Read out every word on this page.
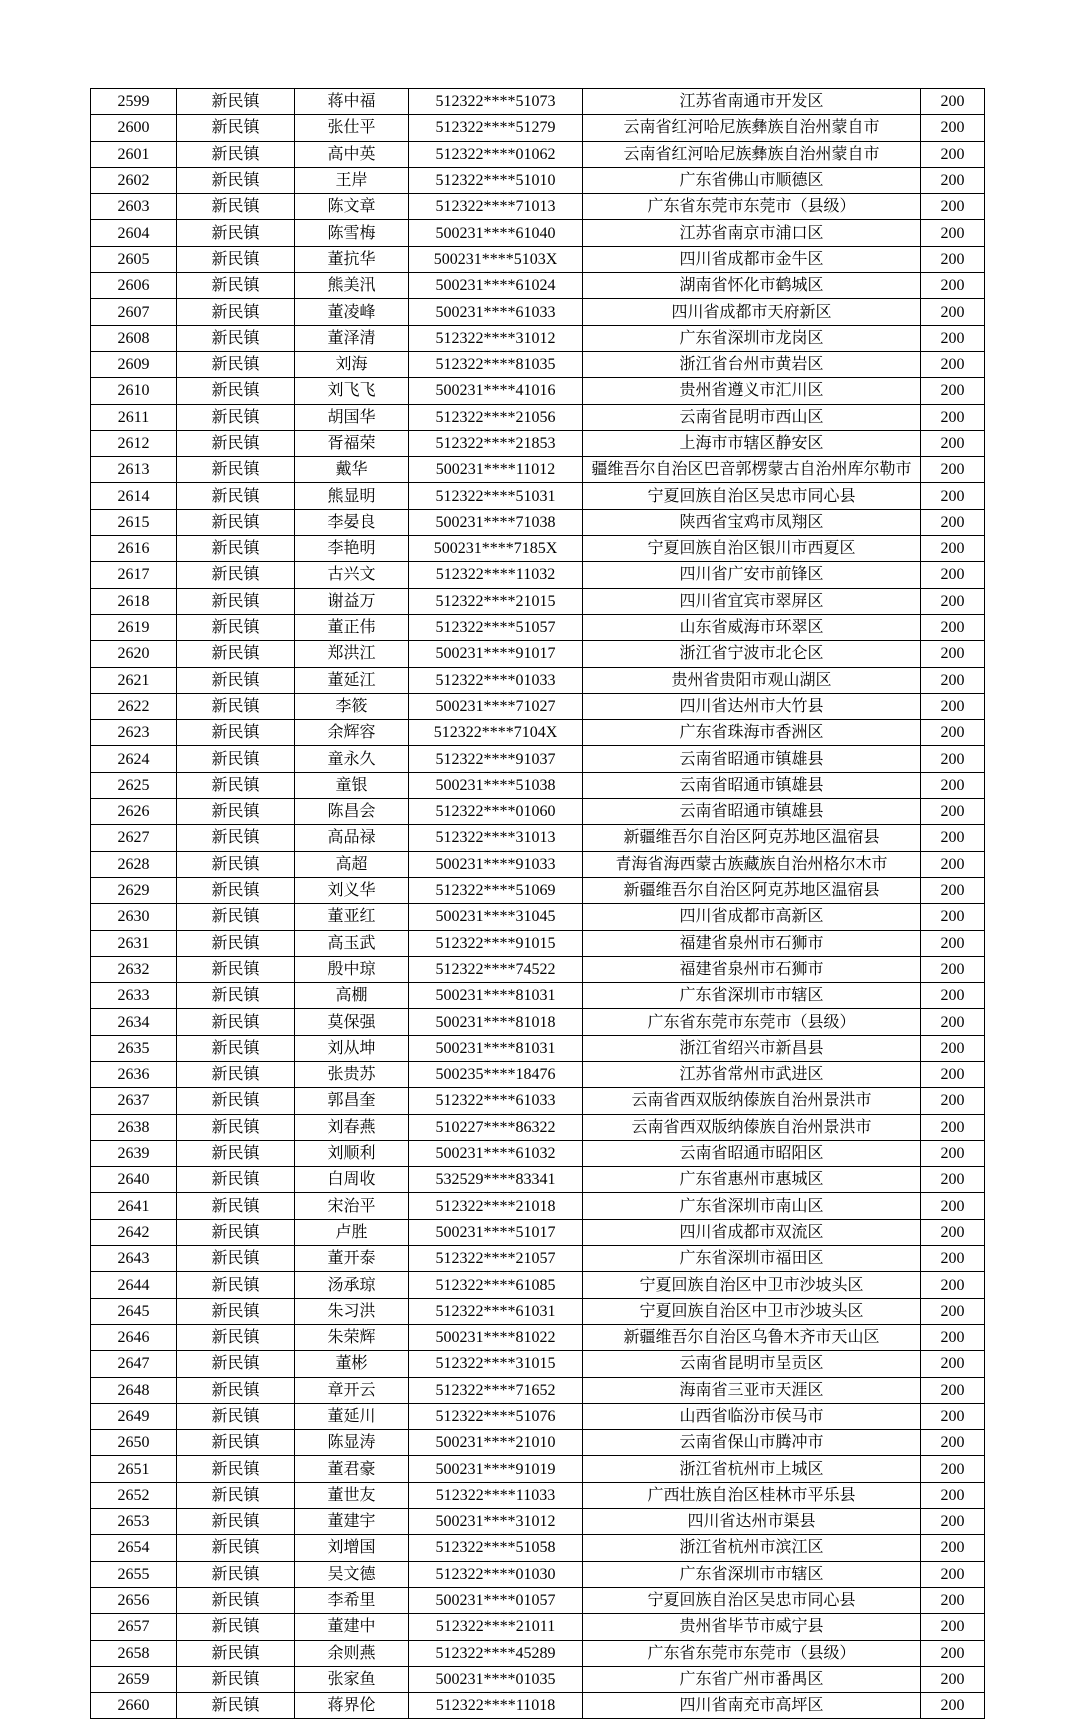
2599	新民镇	蒋中福	512322****51073	江苏省南通市开发区	200
2600	新民镇	张仕平	512322****51279	云南省红河哈尼族彝族自治州蒙自市	200
2601	新民镇	高中英	512322****01062	云南省红河哈尼族彝族自治州蒙自市	200
2602	新民镇	王岸	512322****51010	广东省佛山市顺德区	200
2603	新民镇	陈文章	512322****71013	广东省东莞市东莞市（县级）	200
2604	新民镇	陈雪梅	500231****61040	江苏省南京市浦口区	200
2605	新民镇	董抗华	500231****5103X	四川省成都市金牛区	200
2606	新民镇	熊美汛	500231****61024	湖南省怀化市鹤城区	200
2607	新民镇	董凌峰	500231****61033	四川省成都市天府新区	200
2608	新民镇	董泽清	512322****31012	广东省深圳市龙岗区	200
2609	新民镇	刘海	512322****81035	浙江省台州市黄岩区	200
2610	新民镇	刘飞飞	500231****41016	贵州省遵义市汇川区	200
2611	新民镇	胡国华	512322****21056	云南省昆明市西山区	200
2612	新民镇	胥福荣	512322****21853	上海市市辖区静安区	200
2613	新民镇	戴华	500231****11012	疆维吾尔自治区巴音郭楞蒙古自治州库尔勒市	200
2614	新民镇	熊显明	512322****51031	宁夏回族自治区吴忠市同心县	200
2615	新民镇	李晏良	500231****71038	陕西省宝鸡市凤翔区	200
2616	新民镇	李艳明	500231****7185X	宁夏回族自治区银川市西夏区	200
2617	新民镇	古兴文	512322****11032	四川省广安市前锋区	200
2618	新民镇	谢益万	512322****21015	四川省宜宾市翠屏区	200
2619	新民镇	董正伟	512322****51057	山东省威海市环翠区	200
2620	新民镇	郑洪江	500231****91017	浙江省宁波市北仑区	200
2621	新民镇	董延江	512322****01033	贵州省贵阳市观山湖区	200
2622	新民镇	李筱	500231****71027	四川省达州市大竹县	200
2623	新民镇	余辉容	512322****7104X	广东省珠海市香洲区	200
2624	新民镇	童永久	512322****91037	云南省昭通市镇雄县	200
2625	新民镇	童银	500231****51038	云南省昭通市镇雄县	200
2626	新民镇	陈昌会	512322****01060	云南省昭通市镇雄县	200
2627	新民镇	高品禄	512322****31013	新疆维吾尔自治区阿克苏地区温宿县	200
2628	新民镇	高超	500231****91033	青海省海西蒙古族藏族自治州格尔木市	200
2629	新民镇	刘义华	512322****51069	新疆维吾尔自治区阿克苏地区温宿县	200
2630	新民镇	董亚红	500231****31045	四川省成都市高新区	200
2631	新民镇	高玉武	512322****91015	福建省泉州市石狮市	200
2632	新民镇	殷中琼	512322****74522	福建省泉州市石狮市	200
2633	新民镇	高棚	500231****81031	广东省深圳市市辖区	200
2634	新民镇	莫保强	500231****81018	广东省东莞市东莞市（县级）	200
2635	新民镇	刘从坤	500231****81031	浙江省绍兴市新昌县	200
2636	新民镇	张贵苏	500235****18476	江苏省常州市武进区	200
2637	新民镇	郭昌奎	512322****61033	云南省西双版纳傣族自治州景洪市	200
2638	新民镇	刘春燕	510227****86322	云南省西双版纳傣族自治州景洪市	200
2639	新民镇	刘顺利	500231****61032	云南省昭通市昭阳区	200
2640	新民镇	白周收	532529****83341	广东省惠州市惠城区	200
2641	新民镇	宋治平	512322****21018	广东省深圳市南山区	200
2642	新民镇	卢胜	500231****51017	四川省成都市双流区	200
2643	新民镇	董开泰	512322****21057	广东省深圳市福田区	200
2644	新民镇	汤承琼	512322****61085	宁夏回族自治区中卫市沙坡头区	200
2645	新民镇	朱习洪	512322****61031	宁夏回族自治区中卫市沙坡头区	200
2646	新民镇	朱荣辉	500231****81022	新疆维吾尔自治区乌鲁木齐市天山区	200
2647	新民镇	董彬	512322****31015	云南省昆明市呈贡区	200
2648	新民镇	章开云	512322****71652	海南省三亚市天涯区	200
2649	新民镇	董延川	512322****51076	山西省临汾市侯马市	200
2650	新民镇	陈显涛	500231****21010	云南省保山市腾冲市	200
2651	新民镇	董君豪	500231****91019	浙江省杭州市上城区	200
2652	新民镇	董世友	512322****11033	广西壮族自治区桂林市平乐县	200
2653	新民镇	董建宇	500231****31012	四川省达州市渠县	200
2654	新民镇	刘增国	512322****51058	浙江省杭州市滨江区	200
2655	新民镇	吴文德	512322****01030	广东省深圳市市辖区	200
2656	新民镇	李希里	500231****01057	宁夏回族自治区吴忠市同心县	200
2657	新民镇	董建中	512322****21011	贵州省毕节市威宁县	200
2658	新民镇	余则燕	512322****45289	广东省东莞市东莞市（县级）	200
2659	新民镇	张家鱼	500231****01035	广东省广州市番禺区	200
2660	新民镇	蒋界伦	512322****11018	四川省南充市高坪区	200
